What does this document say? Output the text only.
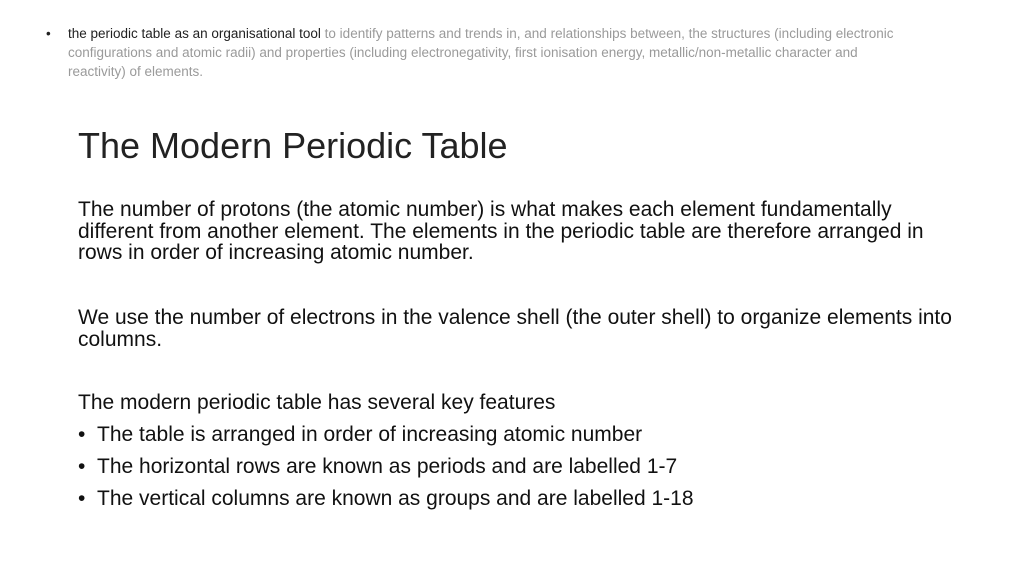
•	the periodic table as an organisational tool to identify patterns and trends in, and relationships between, the structures (including electronic configurations and atomic radii) and properties (including electronegativity, first ionisation energy, metallic/non-metallic character and reactivity) of elements.
The Modern Periodic Table

The number of protons (the atomic number) is what makes each element fundamentally different from another element. The elements in the periodic table are therefore arranged in rows in order of increasing atomic number.

We use the number of electrons in the valence shell (the outer shell) to organize elements into columns.

The modern periodic table has several key features
• The table is arranged in order of increasing atomic number
• The horizontal rows are known as periods and are labelled 1-7
• The vertical columns are known as groups and are labelled 1-18
